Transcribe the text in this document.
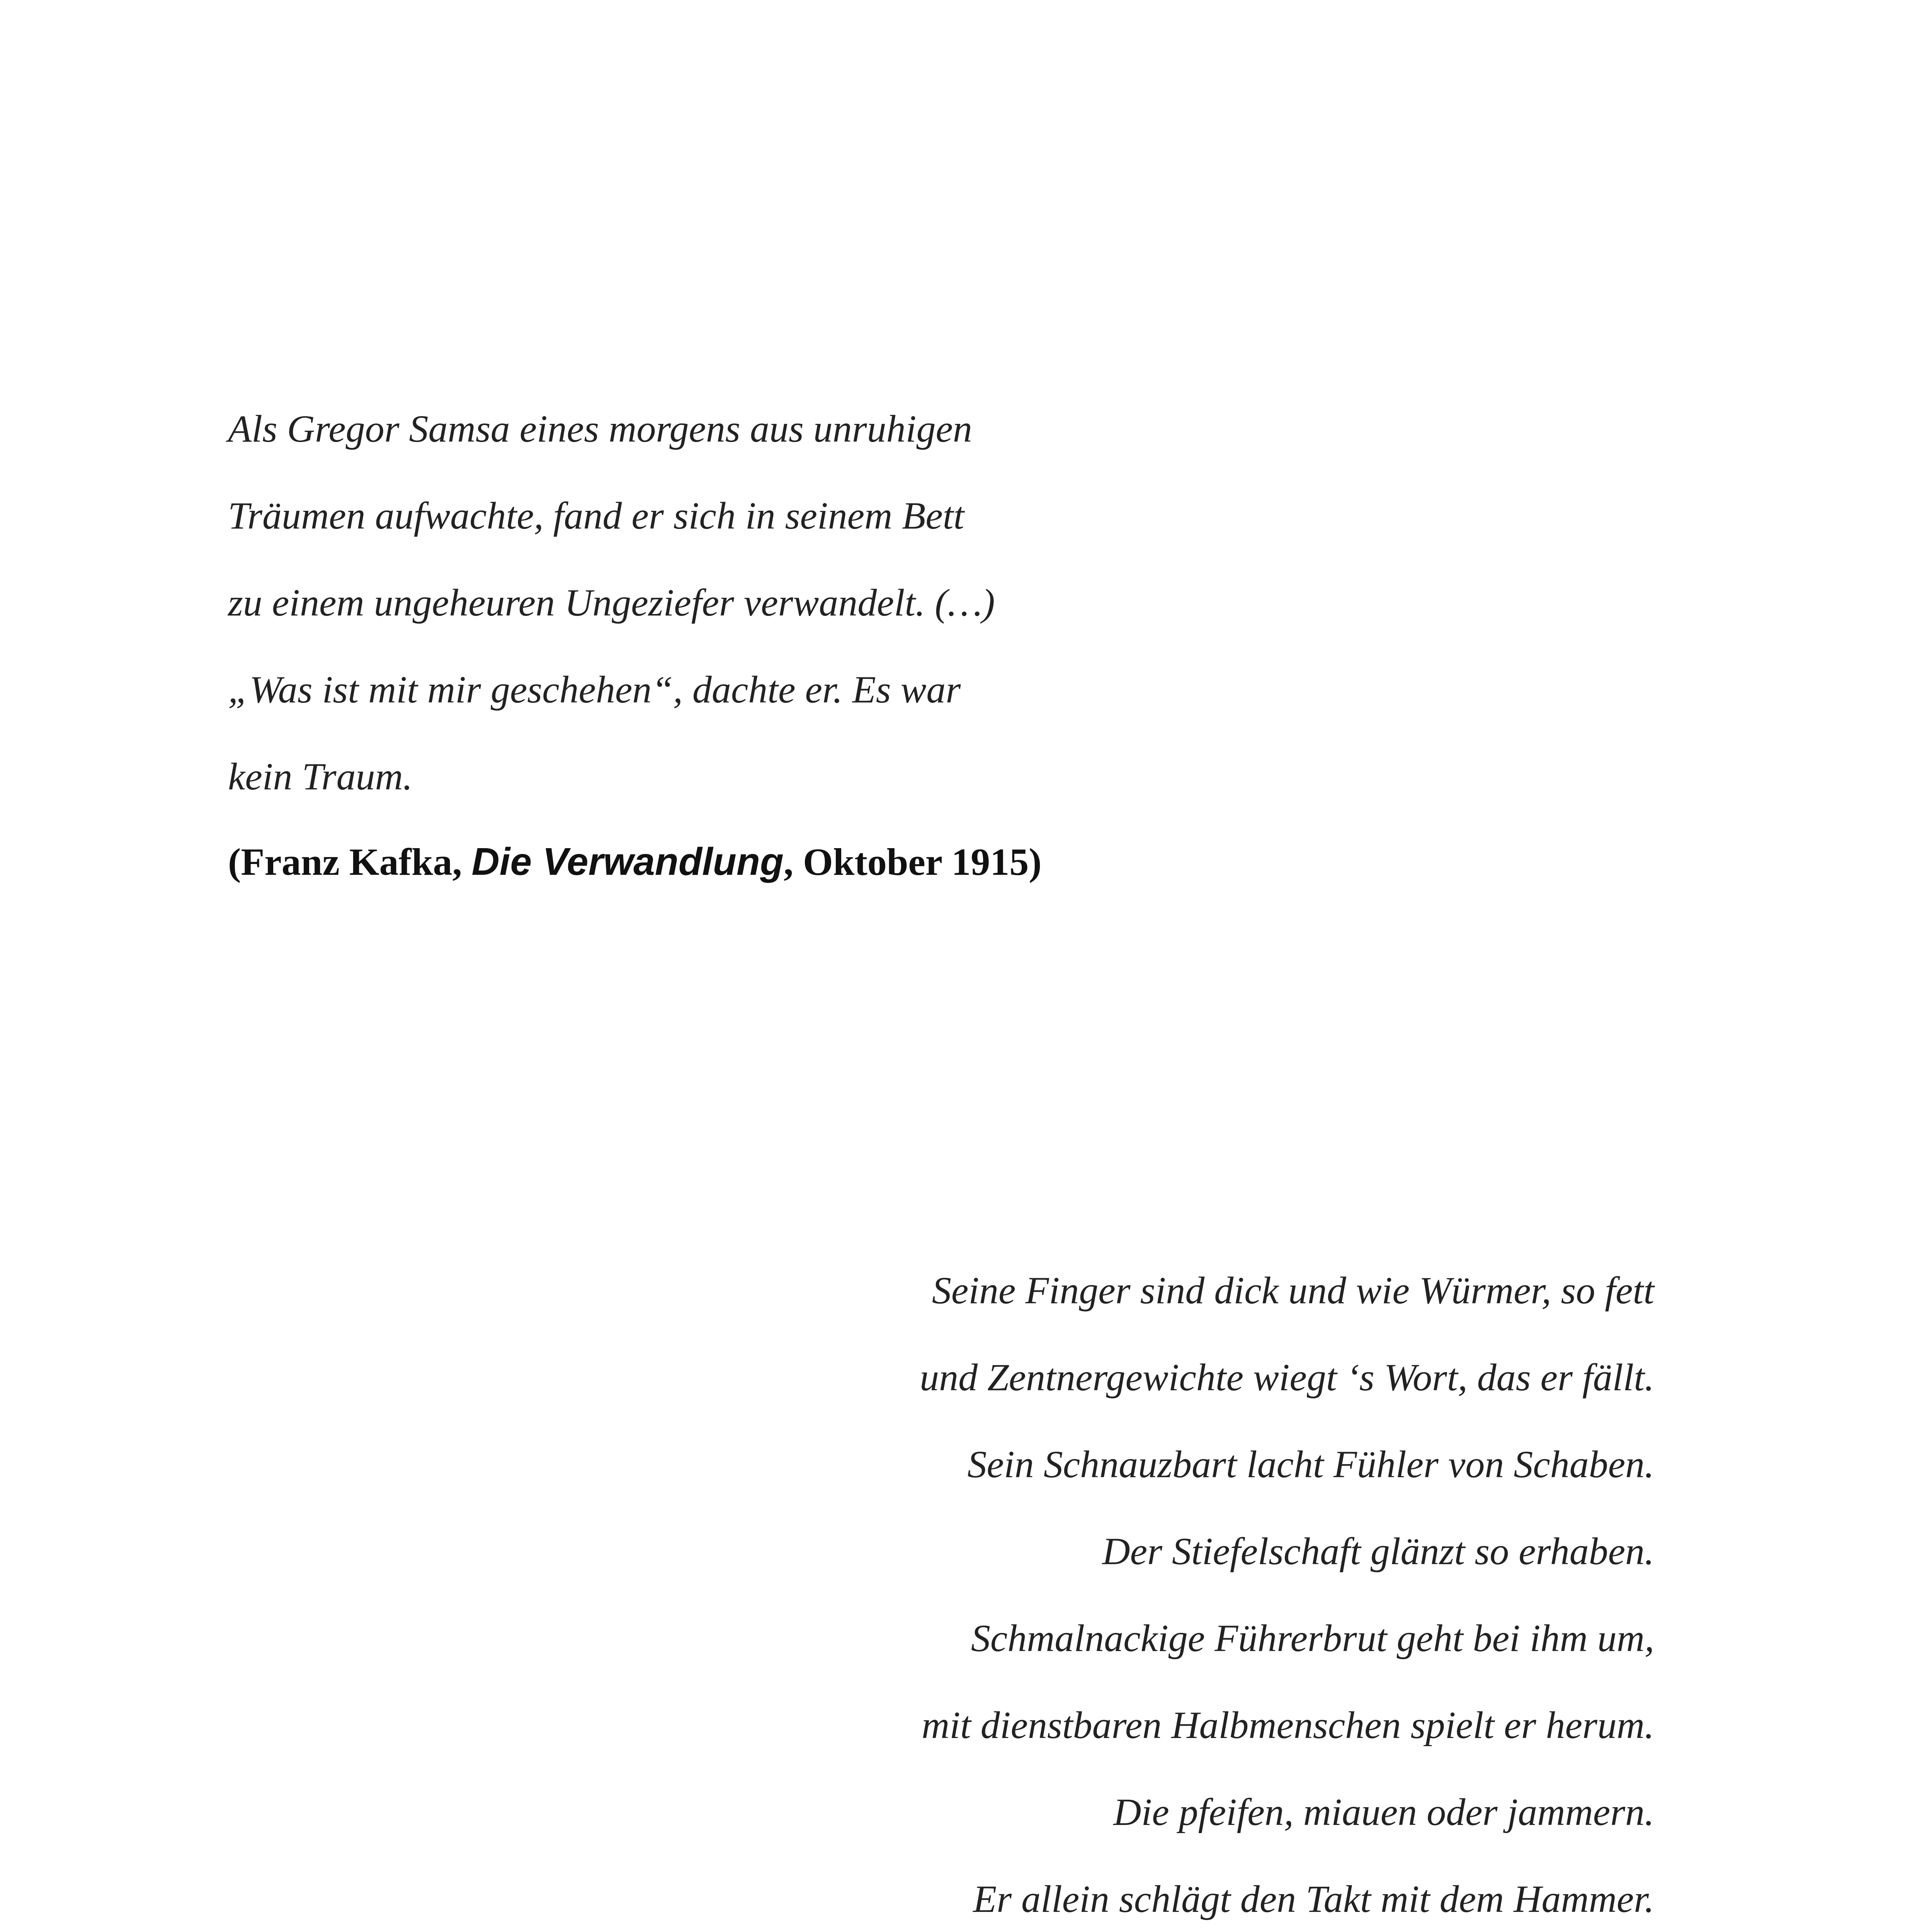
Als Gregor Samsa eines morgens aus unruhigen

Träumen aufwachte, fand er sich in seinem Bett

zu einem ungeheuren Ungeziefer verwandelt. (…)

„Was ist mit mir geschehen“, dachte er. Es war

kein Traum.

(Franz Kafka, Die Verwandlung, Oktober 1915)

Seine Finger sind dick und wie Würmer, so fett

und Zentnergewichte wiegt ‘s Wort, das er fällt.

Sein Schnauzbart lacht Fühler von Schaben.

Der Stiefelschaft glänzt so erhaben.

Schmalnackige Führerbrut geht bei ihm um,

mit dienstbaren Halbmenschen spielt er herum.

Die pfeifen, miauen oder jammern.

Er allein schlägt den Takt mit dem Hammer.
